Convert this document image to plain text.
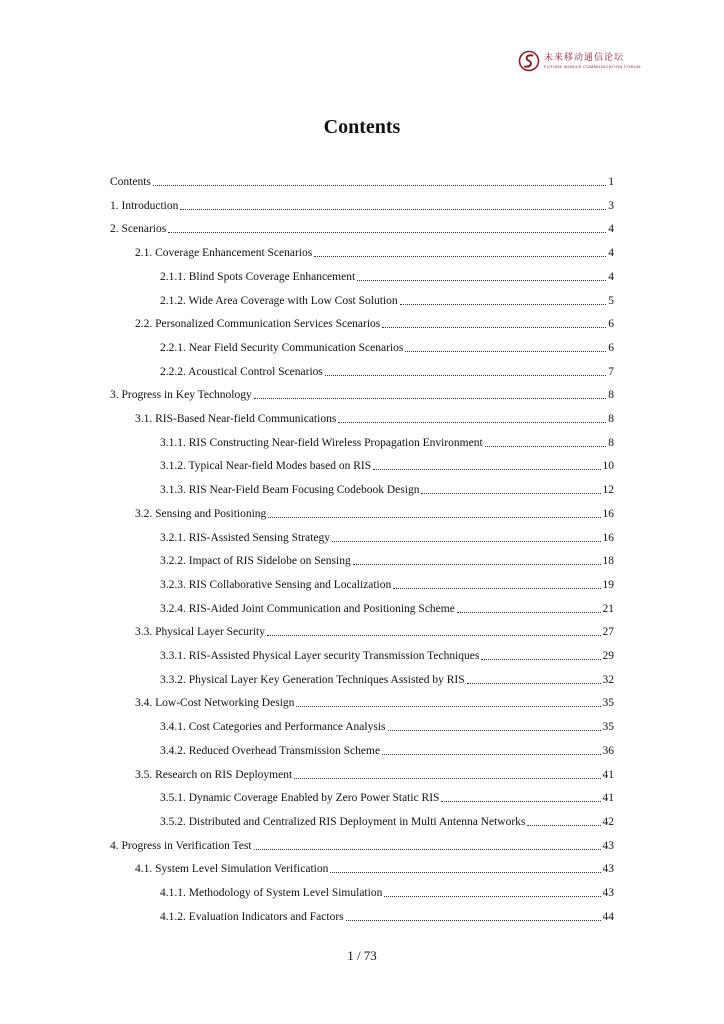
未来移动通信论坛
FUTURE MOBILE COMMUNICATION FORUM
Contents
Contents	1
1. Introduction	3
2. Scenarios	4
2.1. Coverage Enhancement Scenarios	4
2.1.1. Blind Spots Coverage Enhancement	4
2.1.2. Wide Area Coverage with Low Cost Solution	5
2.2. Personalized Communication Services Scenarios	6
2.2.1. Near Field Security Communication Scenarios	6
2.2.2. Acoustical Control Scenarios	7
3. Progress in Key Technology	8
3.1. RIS-Based Near-field Communications	8
3.1.1. RIS Constructing Near-field Wireless Propagation Environment	8
3.1.2. Typical Near-field Modes based on RIS	10
3.1.3. RIS Near-Field Beam Focusing Codebook Design	12
3.2. Sensing and Positioning	16
3.2.1. RIS-Assisted Sensing Strategy	16
3.2.2. Impact of RIS Sidelobe on Sensing	18
3.2.3. RIS Collaborative Sensing and Localization	19
3.2.4. RIS-Aided Joint Communication and Positioning Scheme	21
3.3. Physical Layer Security	27
3.3.1. RIS-Assisted Physical Layer security Transmission Techniques	29
3.3.2. Physical Layer Key Generation Techniques Assisted by RIS	32
3.4. Low-Cost Networking Design	35
3.4.1. Cost Categories and Performance Analysis	35
3.4.2. Reduced Overhead Transmission Scheme	36
3.5. Research on RIS Deployment	41
3.5.1. Dynamic Coverage Enabled by Zero Power Static RIS	41
3.5.2. Distributed and Centralized RIS Deployment in Multi Antenna Networks	42
4. Progress in Verification Test	43
4.1. System Level Simulation Verification	43
4.1.1. Methodology of System Level Simulation	43
4.1.2. Evaluation Indicators and Factors	44
1 / 73
